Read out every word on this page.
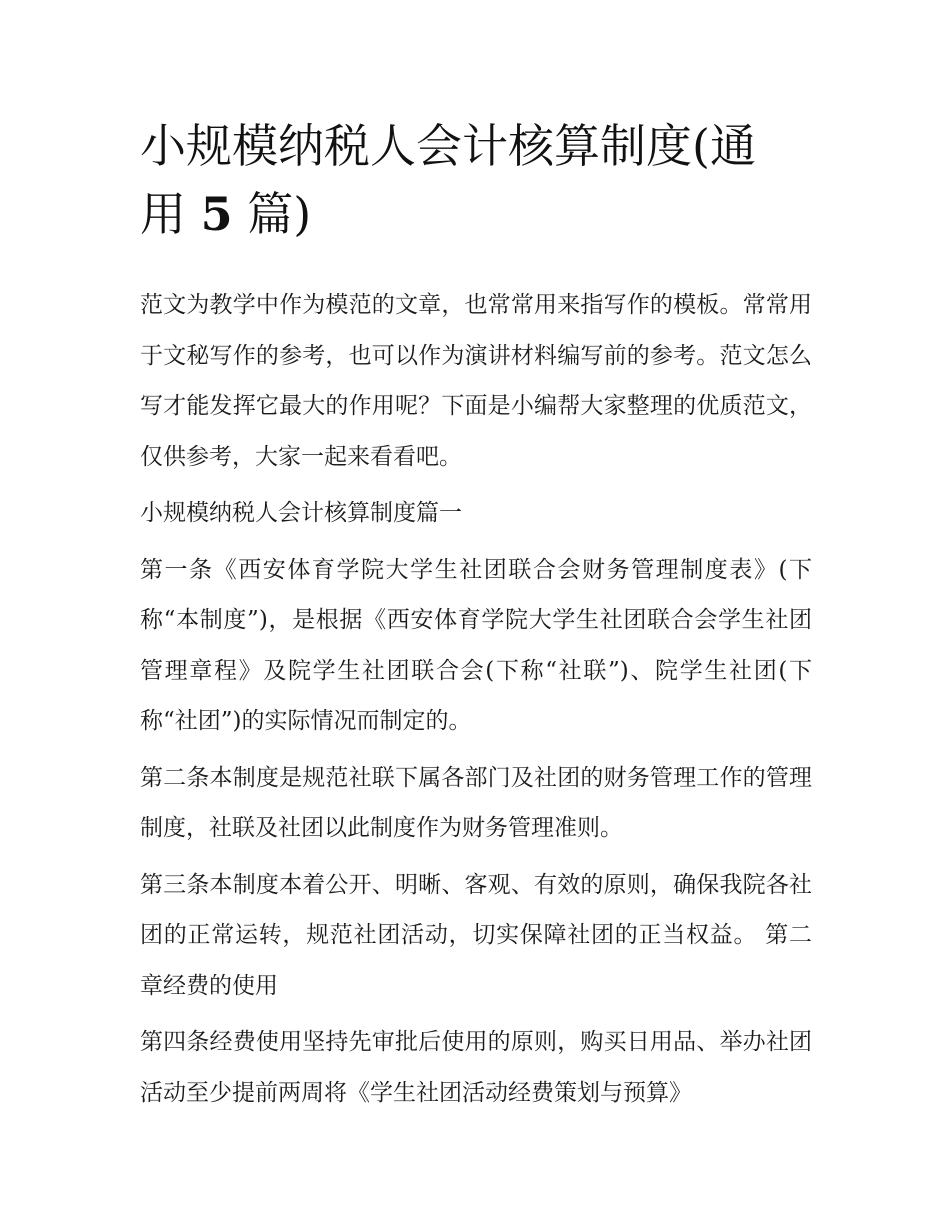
小规模纳税人会计核算制度(通
用 5 篇)

范文为教学中作为模范的文章，也常常用来指写作的模板。常常用于文秘写作的参考，也可以作为演讲材料编写前的参考。范文怎么写才能发挥它最大的作用呢？下面是小编帮大家整理的优质范文，仅供参考，大家一起来看看吧。

小规模纳税人会计核算制度篇一

第一条《西安体育学院大学生社团联合会财务管理制度表》(下称“本制度”)，是根据《西安体育学院大学生社团联合会学生社团管理章程》及院学生社团联合会(下称“社联”)、院学生社团(下称“社团”)的实际情况而制定的。

第二条本制度是规范社联下属各部门及社团的财务管理工作的管理制度，社联及社团以此制度作为财务管理准则。

第三条本制度本着公开、明晰、客观、有效的原则，确保我院各社团的正常运转，规范社团活动，切实保障社团的正当权益。 第二章经费的使用

第四条经费使用坚持先审批后使用的原则，购买日用品、举办社团活动至少提前两周将《学生社团活动经费策划与预算》
